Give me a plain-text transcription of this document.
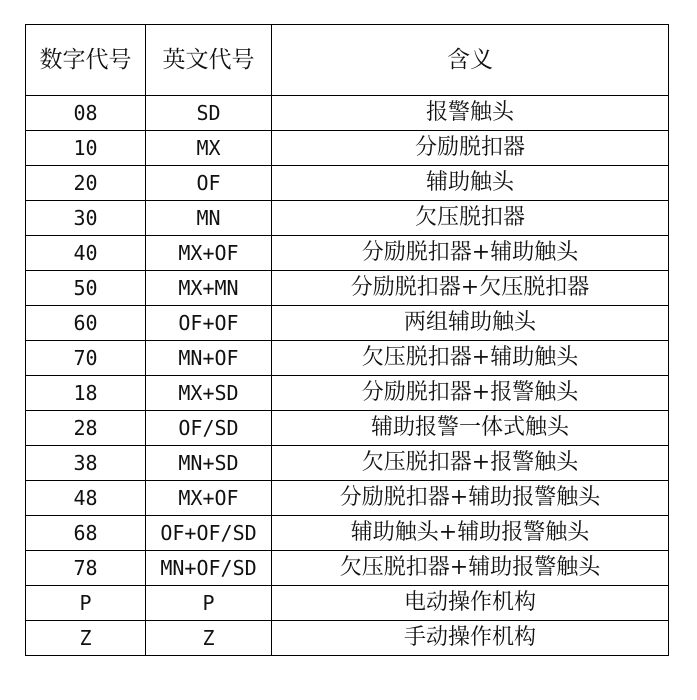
数字代号	英文代号	含义
08	SD	报警触头
10	MX	分励脱扣器
20	OF	辅助触头
30	MN	欠压脱扣器
40	MX+OF	分励脱扣器+辅助触头
50	MX+MN	分励脱扣器+欠压脱扣器
60	OF+OF	两组辅助触头
70	MN+OF	欠压脱扣器+辅助触头
18	MX+SD	分励脱扣器+报警触头
28	OF/SD	辅助报警一体式触头
38	MN+SD	欠压脱扣器+报警触头
48	MX+OF	分励脱扣器+辅助报警触头
68	OF+OF/SD	辅助触头+辅助报警触头
78	MN+OF/SD	欠压脱扣器+辅助报警触头
P	P	电动操作机构
Z	Z	手动操作机构
